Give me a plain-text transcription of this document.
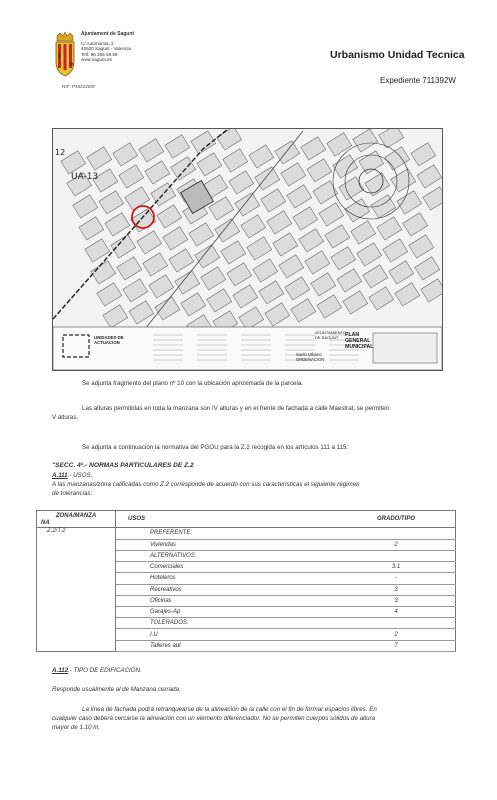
S
M
Ajuntament de Sagunt
C/ Autonomia, 2
46500 Sagunt - Valencia
Telf. 96 265 58 58
www.sagunt.es
NIF: P4622200F
Urbanismo Unidad Tecnica
Expediente 711392W
UA-13
12
UNIDADES DE ACTUACION
AYUNTAMIENTO DE SAGUNT	PLAN GENERAL MUNICIPAL
Suelo Urbano ORDENACION
Se adjunta fragmento del plano nº 10 con la ubicación aproximada de la parcela.
Las alturas permitidas en toda la manzana son IV alturas y en el frente de fachada a calle Maestrat, se permiten
V alturas.
Se adjunta a continuación la normativa del PGOU para la Z.2 recogida en los artículos 111 a 115:
"SECC. 4ª.- NORMAS PARTICULARES DE Z.2
A.111.- USOS.
A las manzanas/zona calificadas como Z.2 corresponde de acuerdo con sus características el siguiente régimen
de tolerancias:
ZONA/MANZA
NA	USOS	GRADO/TIPO
Z.2/T.2	PREFERENTE:	
	Viviendas	2
	ALTERNATIVOS:	
	Comerciales	3.1
	Hoteleros	-
	Recreativos	3
	Oficinas	3
	Garajes-Ap	4
	TOLERADOS:	
	I.U	2
	Talleres aut	7
A.112.- TIPO DE EDIFICACIÓN.
Responde usualmente al de Manzana cerrada.
La línea de fachada podrá retranquearse de la alineación de la calle con el fin de formar espacios libres. En
cualquier caso deberá cercarse la alineación con un elemento diferenciador. No se permiten cuerpos sólidos de altura
mayor de 1.10 m.
